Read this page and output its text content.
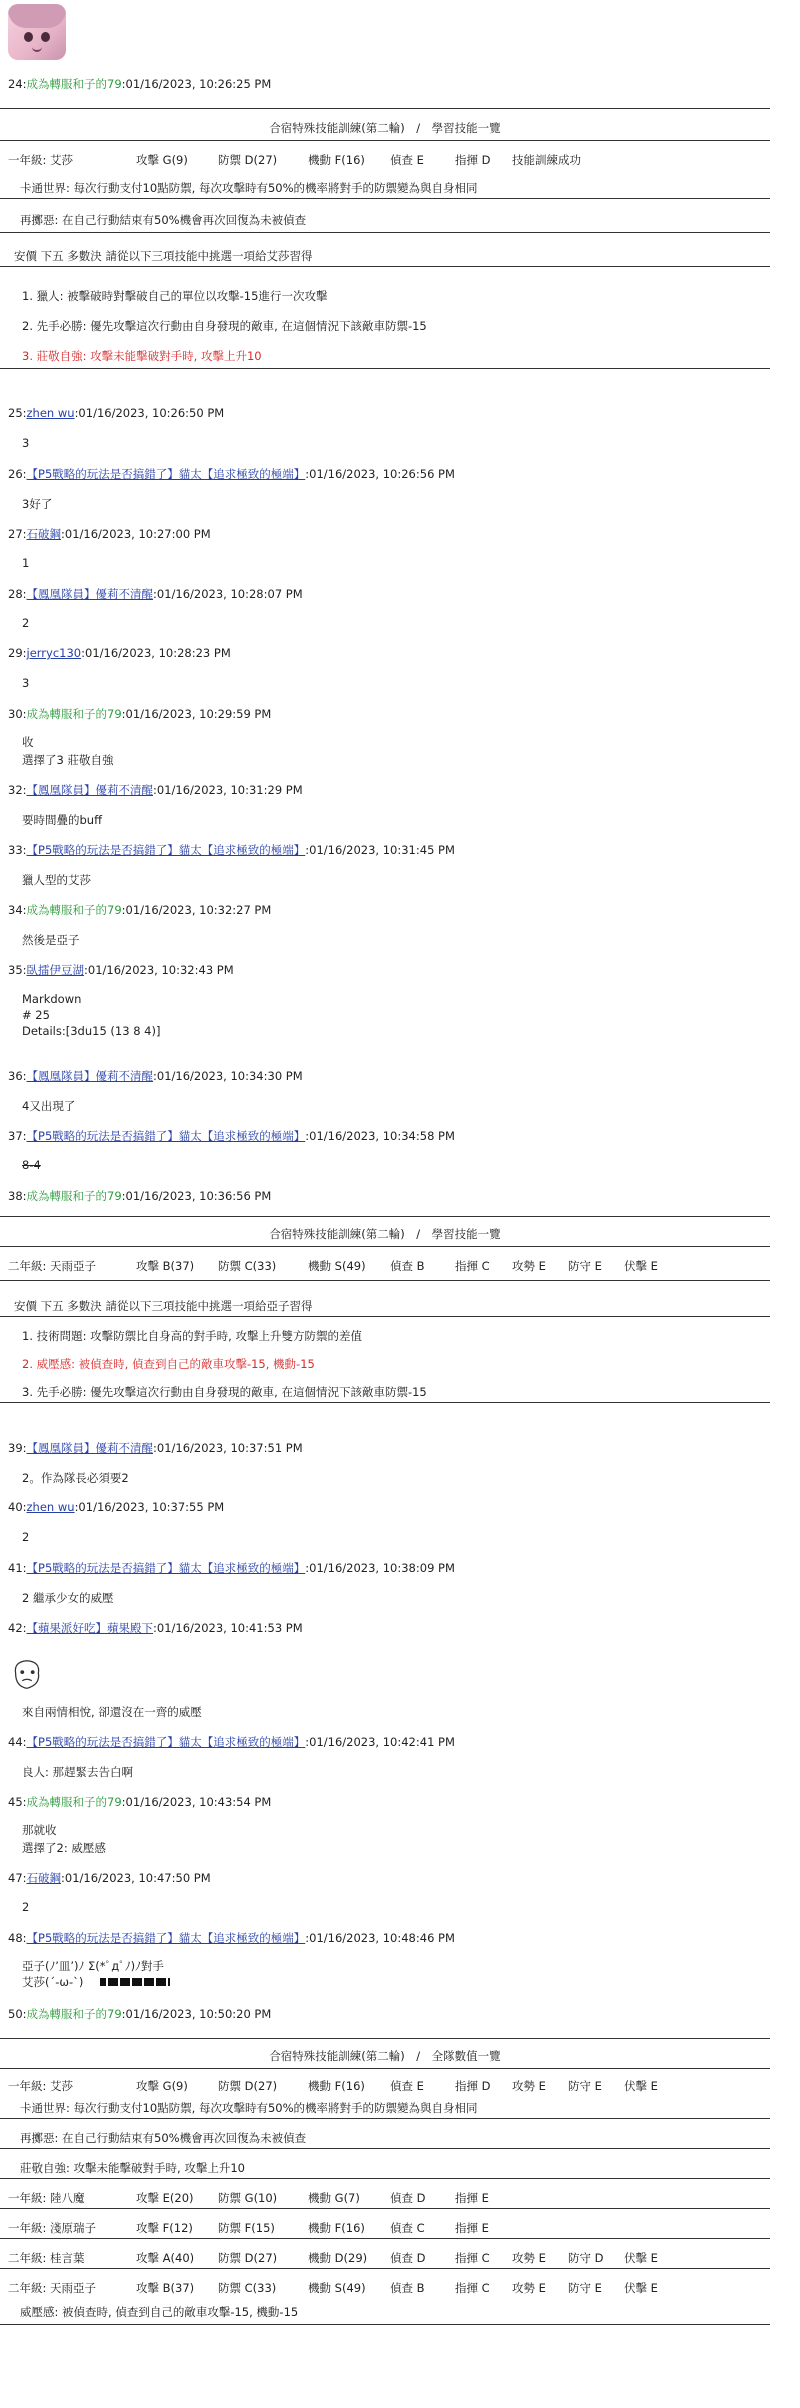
24:成為轉服和子的79:01/16/2023, 10:26:25 PM
合宿特殊技能訓練(第二輪)　/　學習技能一覽
一年級: 艾莎	攻擊 G(9)	防禦 D(27)	機動 F(16) 偵查 E	指揮 D 技能訓練成功
卡通世界: 每次行動支付10點防禦, 每次攻擊時有50%的機率將對手的防禦變為與自身相同
再擲惡: 在自己行動結束有50%機會再次回復為未被偵查
安價 下五 多數決 請從以下三項技能中挑選一項給艾莎習得
1. 獵人: 被擊破時對擊破自己的單位以攻擊-15進行一次攻擊
2. 先手必勝: 優先攻擊這次行動由自身發現的敵車, 在這個情況下該敵車防禦-15
3. 莊敬自強: 攻擊未能擊破對手時, 攻擊上升10
25:zhen wu:01/16/2023, 10:26:50 PM
3
26:【P5戰略的玩法是否搞錯了】貓太【追求極致的極端】:01/16/2023, 10:26:56 PM
3好了
27:石破鋼:01/16/2023, 10:27:00 PM
1
28:【鳳凰隊員】優莉不清醒:01/16/2023, 10:28:07 PM
2
29:jerryc130:01/16/2023, 10:28:23 PM
3
30:成為轉服和子的79:01/16/2023, 10:29:59 PM
收
選擇了3 莊敬自強
32:【鳳凰隊員】優莉不清醒:01/16/2023, 10:31:29 PM
要時間疊的buff
33:【P5戰略的玩法是否搞錯了】貓太【追求極致的極端】:01/16/2023, 10:31:45 PM
獵人型的艾莎
34:成為轉服和子的79:01/16/2023, 10:32:27 PM
然後是亞子
35:臥擂伊豆湖:01/16/2023, 10:32:43 PM
Markdown
# 25
Details:[3du15 (13 8 4)]
36:【鳳凰隊員】優莉不清醒:01/16/2023, 10:34:30 PM
4又出現了
37:【P5戰略的玩法是否搞錯了】貓太【追求極致的極端】:01/16/2023, 10:34:58 PM
8-4
38:成為轉服和子的79:01/16/2023, 10:36:56 PM
合宿特殊技能訓練(第二輪)　/　學習技能一覽
二年級: 天雨亞子	攻擊 B(37) 防禦 C(33)	機動 S(49) 偵查 B	指揮 C 攻勢 E 防守 E 伏擊 E
安價 下五 多數決 請從以下三項技能中挑選一項給亞子習得
1. 技術問題: 攻擊防禦比自身高的對手時, 攻擊上升雙方防禦的差值
2. 威壓感: 被偵查時, 偵查到自己的敵車攻擊-15, 機動-15
3. 先手必勝: 優先攻擊這次行動由自身發現的敵車, 在這個情況下該敵車防禦-15
39:【鳳凰隊員】優莉不清醒:01/16/2023, 10:37:51 PM
2。作為隊長必須要2
40:zhen wu:01/16/2023, 10:37:55 PM
2
41:【P5戰略的玩法是否搞錯了】貓太【追求極致的極端】:01/16/2023, 10:38:09 PM
2 繼承少女的威壓
42:【蘋果派好吃】蘋果殿下:01/16/2023, 10:41:53 PM
來自兩情相悅, 卻還沒在一齊的威壓
44:【P5戰略的玩法是否搞錯了】貓太【追求極致的極端】:01/16/2023, 10:42:41 PM
良人: 那趕緊去告白啊
45:成為轉服和子的79:01/16/2023, 10:43:54 PM
那就收
選擇了2: 威壓感
47:石破鋼:01/16/2023, 10:47:50 PM
2
48:【P5戰略的玩法是否搞錯了】貓太【追求極致的極端】:01/16/2023, 10:48:46 PM
亞子(ﾉ’皿’)ﾉ Σ(*ﾟдﾟﾉ)ﾉ對手
艾莎(´-ω-`)
50:成為轉服和子的79:01/16/2023, 10:50:20 PM
合宿特殊技能訓練(第二輪)　/　全隊數值一覽
一年級: 艾莎	攻擊 G(9)	防禦 D(27)	機動 F(16) 偵查 E	指揮 D 攻勢 E 防守 E 伏擊 E
卡通世界: 每次行動支付10點防禦, 每次攻擊時有50%的機率將對手的防禦變為與自身相同
再擲惡: 在自己行動結束有50%機會再次回復為未被偵查
莊敬自強: 攻擊未能擊破對手時, 攻擊上升10
一年級: 陸八魔	攻擊 E(20) 防禦 G(10)	機動 G(7)	偵查 D	指揮 E
一年級: 淺原瑞子	攻擊 F(12) 防禦 F(15)	機動 F(16) 偵查 C	指揮 E
二年級: 桂言葉	攻擊 A(40) 防禦 D(27)	機動 D(29) 偵查 D	指揮 C 攻勢 E 防守 D 伏擊 E
二年級: 天雨亞子	攻擊 B(37) 防禦 C(33)	機動 S(49) 偵查 B	指揮 C 攻勢 E 防守 E 伏擊 E
威壓感: 被偵查時, 偵查到自己的敵車攻擊-15, 機動-15
